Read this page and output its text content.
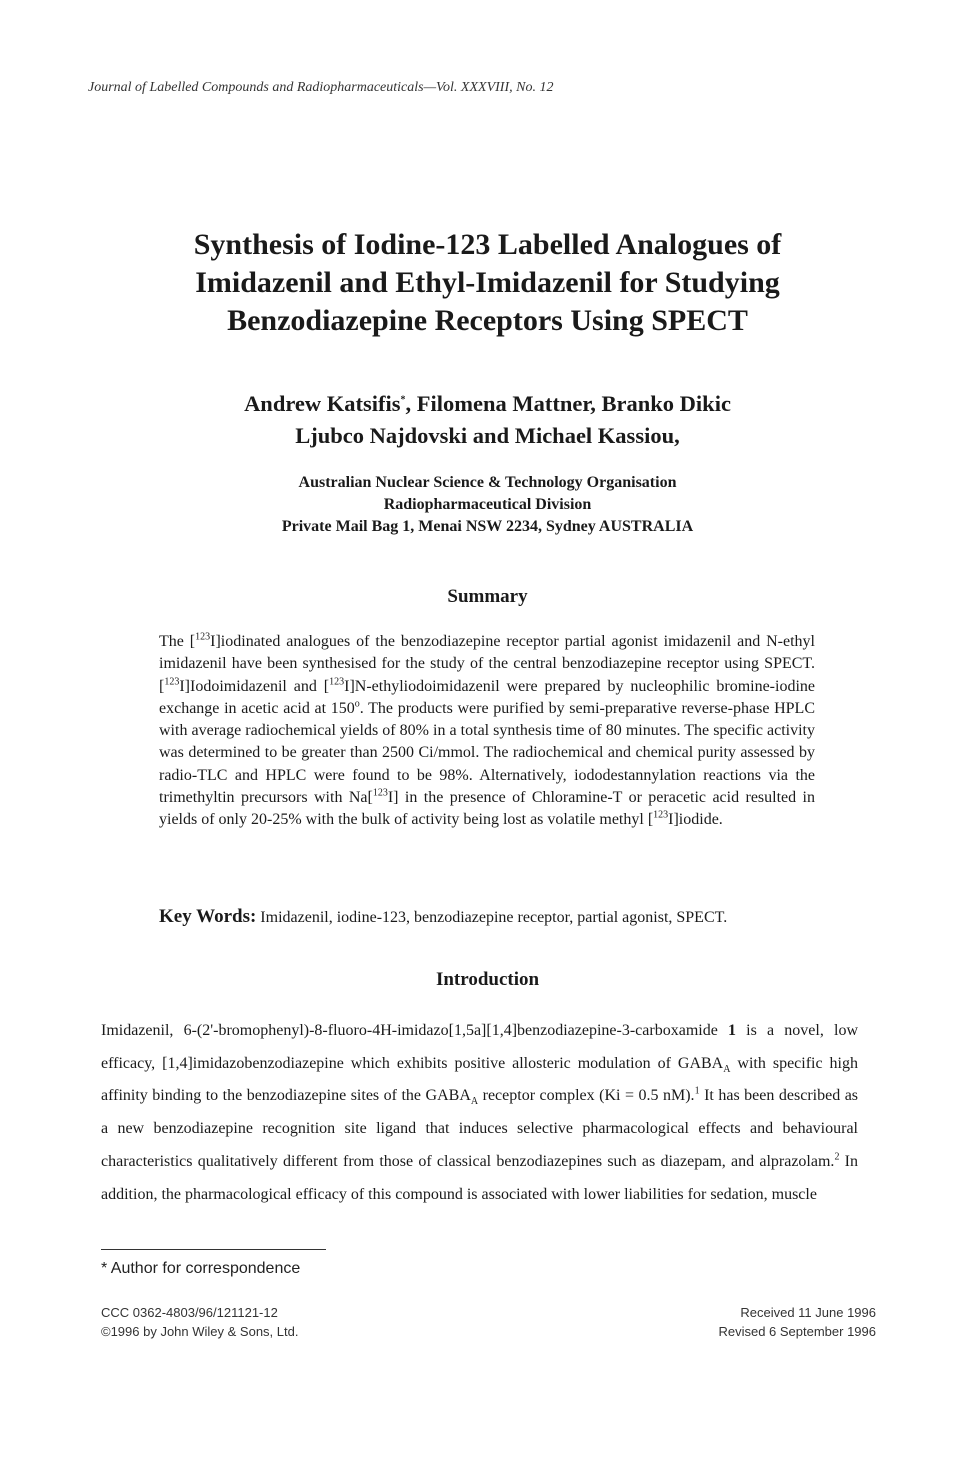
Journal of Labelled Compounds and Radiopharmaceuticals—Vol. XXXVIII, No. 12
Synthesis of Iodine-123 Labelled Analogues of
Imidazenil and Ethyl-Imidazenil for Studying
Benzodiazepine Receptors Using SPECT
Andrew Katsifis*, Filomena Mattner, Branko Dikic
Ljubco Najdovski and Michael Kassiou,
Australian Nuclear Science & Technology Organisation
Radiopharmaceutical Division
Private Mail Bag 1, Menai NSW 2234, Sydney AUSTRALIA
Summary

The [$^{123}$I]iodinated analogues of the benzodiazepine receptor partial agonist imidazenil and N-ethyl imidazenil have been synthesised for the study of the central benzodiazepine receptor using SPECT. [$^{123}$I]Iodoimidazenil and [$^{123}$I]N-ethyliodoimidazenil were prepared by nucleophilic bromine-iodine exchange in acetic acid at 150$^o$. The products were purified by semi-preparative reverse-phase HPLC with average radiochemical yields of 80% in a total synthesis time of 80 minutes. The specific activity was determined to be greater than 2500 Ci/mmol. The radiochemical and chemical purity assessed by radio-TLC and HPLC were found to be 98%. Alternatively, iododestannylation reactions via the trimethyltin precursors with Na[$^{123}$I] in the presence of Chloramine-T or peracetic acid resulted in yields of only 20-25% with the bulk of activity being lost as volatile methyl [$^{123}$I]iodide.

Key Words: Imidazenil, iodine-123, benzodiazepine receptor, partial agonist, SPECT.
Introduction

Imidazenil, 6-(2'-bromophenyl)-8-fluoro-4H-imidazo[1,5a][1,4]benzodiazepine-3-carboxamide 1 is a novel, low efficacy, [1,4]imidazobenzodiazepine which exhibits positive allosteric modulation of $GABA_A$ with specific high affinity binding to the benzodiazepine sites of the $GABA_A$ receptor complex (Ki = 0.5 nM).$^1$ It has been described as a new benzodiazepine recognition site ligand that induces selective pharmacological effects and behavioural characteristics qualitatively different from those of classical benzodiazepines such as diazepam, and alprazolam.$^2$ In addition, the pharmacological efficacy of this compound is associated with lower liabilities for sedation, muscle

* Author for correspondence
CCC 0362-4803/96/121121-12
©1996 by John Wiley & Sons, Ltd.
Received 11 June 1996
Revised 6 September 1996
